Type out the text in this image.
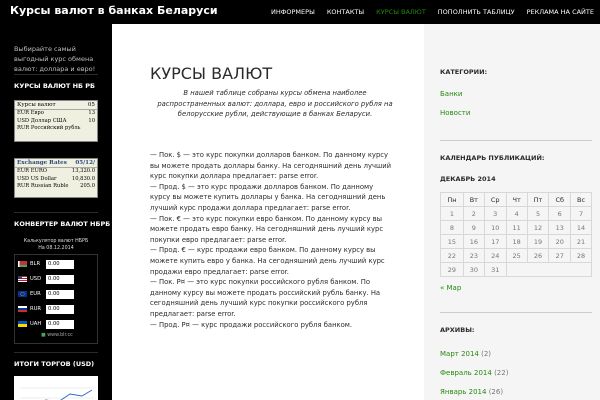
Курсы валют в банках Беларуси	ИНФОРМЕРЫ	КОНТАКТЫ	КУРСЫ ВАЛЮТ	ПОПОЛНИТЬ ТАБЛИЦУ	РЕКЛАМА НА САЙТЕ
Выбирайте самый выгодный курс обмена валют: доллара и евро!
КУРСЫ ВАЛЮТ НБ РБ
Курсы валют	05
EUR Евро	13
USD Доллар США	10
RUR Российский рубль
Exchange Rates 05/12/
EUR EURO	13,320.0
USD US Dollar	10,830.0
RUR Russian Ruble 205.0
КОНВЕРТЕР ВАЛЮТ НБРБ
Калькулятор валют НБРБ
На 08.12.2014
BLR	0.00
USD	0.00
EUR	0.00
RUR	0.00
UAH	0.00
■ www.blr.cc
ИТОГИ ТОРГОВ (USD)
КУРСЫ ВАЛЮТ
В нашей таблице собраны курсы обмена наиболее распространенных валют: доллара, евро и российского рубля на белорусские рубли, действующие в банках Беларуси.

— Пок. $ — это курс покупки долларов банком. По данному курсу вы можете продать доллары банку. На сегодняшний день лучший курс покупки доллара предлагает: parse error.

— Прод. $ — это курс продажи долларов банком. По данному курсу вы можете купить доллары у банка. На сегодняшний день лучший курс продажи доллара предлагает: parse error.

— Пок. € — это курс покупки евро банком. По данному курсу вы можете продать евро банку. На сегодняшний день лучший курс покупки евро предлагает: parse error.

— Прод. € — курс продажи евро банком. По данному курсу вы можете купить евро у банка. На сегодняшний день лучший курс продажи евро предлагает: parse error.

— Пок. Р¤ — это курс покупки российского рубля банком. По данному курсу вы можете продать российский рубль банку. На сегодняшний день лучший курс покупки российского рубля предлагает: parse error.

— Прод. Р¤ — курс продажи российского рубля банком.

КАТЕГОРИИ:
Банки
Новости
КАЛЕНДАРЬ ПУБЛИКАЦИЙ:
ДЕКАБРЬ 2014
Пн	Вт	Ср	Чт	Пт	Сб	Вс
1	2	3	4	5	6	7
8	9	10	11	12	13	14
15	16	17	18	19	20	21
22	23	24	25	26	27	28
29	30	31				
« Мар
АРХИВЫ:
Март 2014 (2)
Февраль 2014 (22)
Январь 2014 (26)
